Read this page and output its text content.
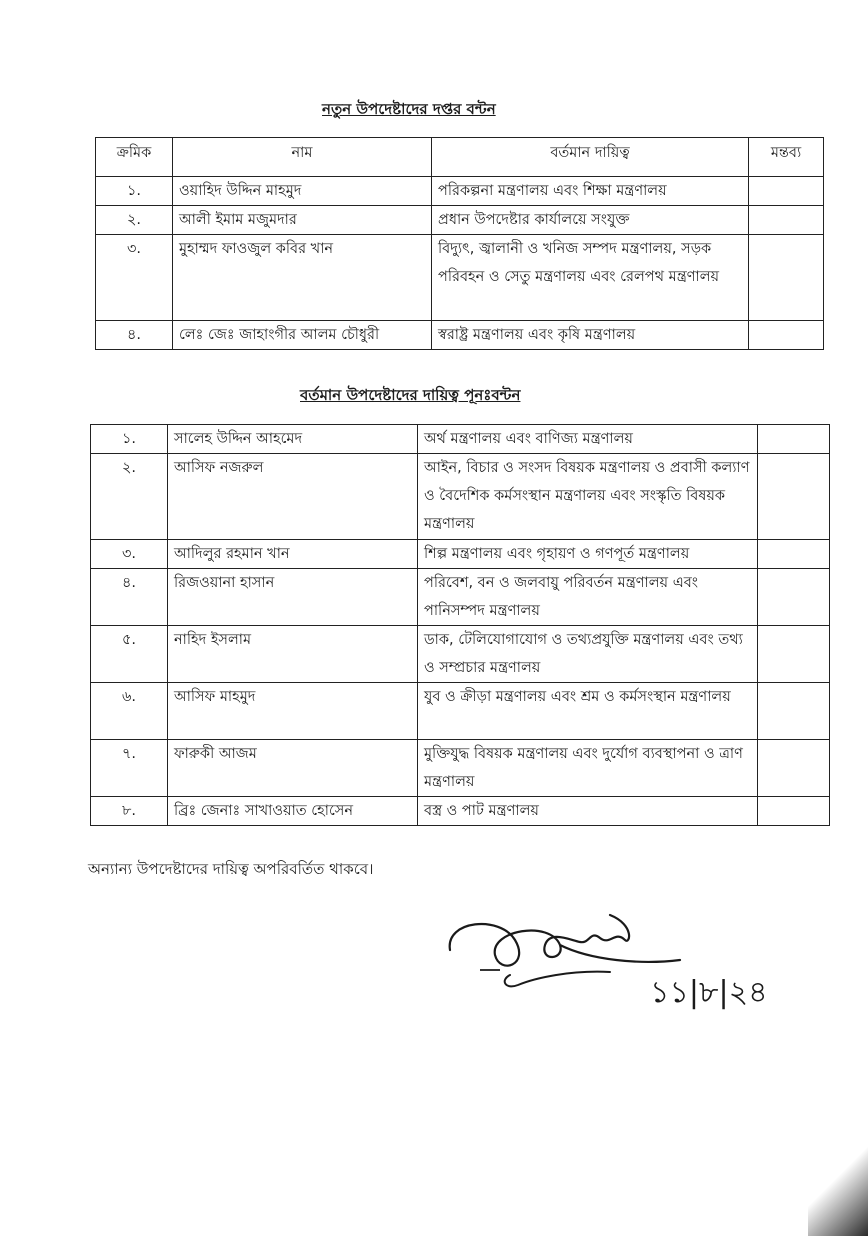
নতুন উপদেষ্টাদের দপ্তর বন্টন
ক্রমিক	নাম	বর্তমান দায়িত্ব	মন্তব্য
১.	ওয়াহিদ উদ্দিন মাহমুদ	পরিকল্পনা মন্ত্রণালয় এবং শিক্ষা মন্ত্রণালয়	
২.	আলী ইমাম মজুমদার	প্রধান উপদেষ্টার কার্যালয়ে সংযুক্ত	
৩.	মুহাম্মদ ফাওজুল কবির খান	বিদ্যুৎ, জ্বালানী ও খনিজ সম্পদ মন্ত্রণালয়, সড়ক পরিবহন ও সেতু মন্ত্রণালয় এবং রেলপথ মন্ত্রণালয়	
৪.	লেঃ জেঃ জাহাংগীর আলম চৌধুরী	স্বরাষ্ট্র মন্ত্রণালয় এবং কৃষি মন্ত্রণালয়	
বর্তমান উপদেষ্টাদের দায়িত্ব পূনঃবন্টন
১.	সালেহ উদ্দিন আহমেদ	অর্থ মন্ত্রণালয় এবং বাণিজ্য মন্ত্রণালয়	
২.	আসিফ নজরুল	আইন, বিচার ও সংসদ বিষয়ক মন্ত্রণালয় ও প্রবাসী কল্যাণ ও বৈদেশিক কর্মসংস্থান মন্ত্রণালয় এবং সংস্কৃতি বিষয়ক মন্ত্রণালয়	
৩.	আদিলুর রহমান খান	শিল্প মন্ত্রণালয় এবং গৃহায়ণ ও গণপূর্ত মন্ত্রণালয়	
৪.	রিজওয়ানা হাসান	পরিবেশ, বন ও জলবায়ু পরিবর্তন মন্ত্রণালয় এবং পানিসম্পদ মন্ত্রণালয়	
৫.	নাহিদ ইসলাম	ডাক, টেলিযোগাযোগ ও তথ্যপ্রযুক্তি মন্ত্রণালয় এবং তথ্য ও সম্প্রচার মন্ত্রণালয়	
৬.	আসিফ মাহমুদ	যুব ও ক্রীড়া মন্ত্রণালয় এবং শ্রম ও কর্মসংস্থান মন্ত্রণালয়	
৭.	ফারুকী আজম	মুক্তিযুদ্ধ বিষয়ক মন্ত্রণালয় এবং দুর্যোগ ব্যবস্থাপনা ও ত্রাণ মন্ত্রণালয়	
৮.	ব্রিঃ জেনাঃ সাখাওয়াত হোসেন	বস্ত্র ও পাট মন্ত্রণালয়	
অন্যান্য উপদেষ্টাদের দায়িত্ব অপরিবর্তিত থাকবে।
১১|৮|২৪
